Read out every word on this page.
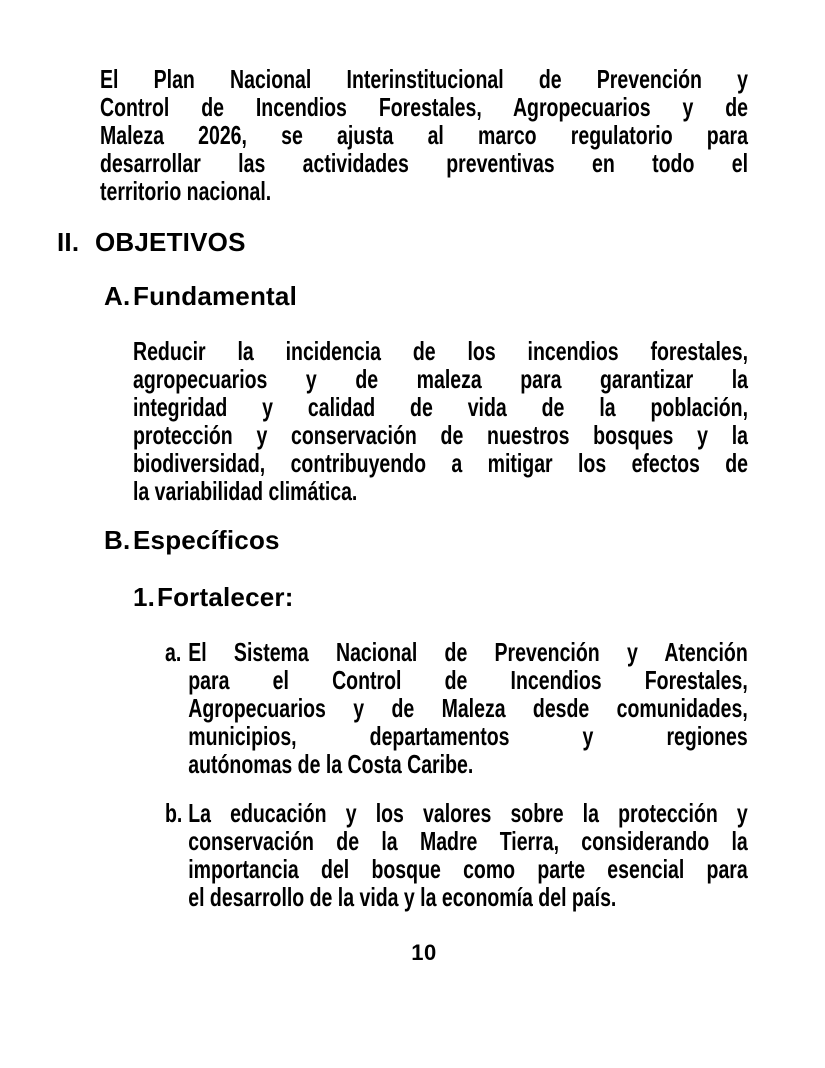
El Plan Nacional Interinstitucional de Prevención y
Control de Incendios Forestales, Agropecuarios y de
Maleza 2026, se ajusta al marco regulatorio para
desarrollar las actividades preventivas en todo el
territorio nacional.
II. OBJETIVOS
A. Fundamental
Reducir la incidencia de los incendios forestales,
agropecuarios y de maleza para garantizar la
integridad y calidad de vida de la población,
protección y conservación de nuestros bosques y la
biodiversidad, contribuyendo a mitigar los efectos de
la variabilidad climática.
B. Específicos
1. Fortalecer:
a. El Sistema Nacional de Prevención y Atención
para el Control de Incendios Forestales,
Agropecuarios y de Maleza desde comunidades,
municipios, departamentos y regiones
autónomas de la Costa Caribe.
b. La educación y los valores sobre la protección y
conservación de la Madre Tierra, considerando la
importancia del bosque como parte esencial para
el desarrollo de la vida y la economía del país.
10
